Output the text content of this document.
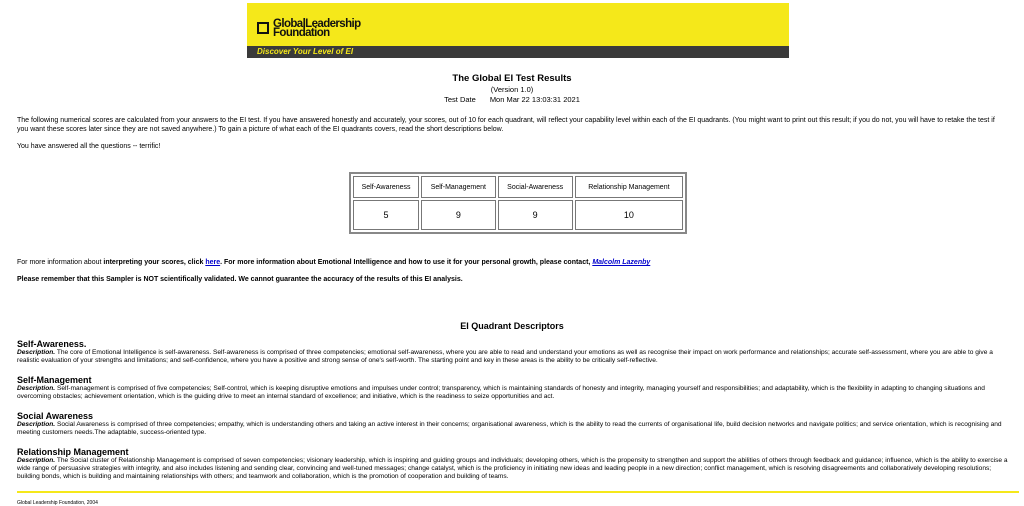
GlobalLeadership
Foundation
Discover Your Level of EI
The Global EI Test Results
(Version 1.0)
Test Date Mon Mar 22 13:03:31 2021
The following numerical scores are calculated from your answers to the EI test. If you have answered honestly and accurately, your scores, out of 10 for each quadrant, will reflect your capability level within each of the EI quadrants. (You might want to print out this result; if you do not, you will have to retake the test if you want these scores later since they are not saved anywhere.) To gain a picture of what each of the EI quadrants covers, read the short descriptions below.
You have answered all the questions -- terrific!
Self-Awareness	Self-Management	Social-Awareness	Relationship Management
5	9	9	10
For more information about interpreting your scores, click here. For more information about Emotional Intelligence and how to use it for your personal growth, please contact, Malcolm Lazenby
Please remember that this Sampler is NOT scientifically validated. We cannot guarantee the accuracy of the results of this EI analysis.
EI Quadrant Descriptors
Self-Awareness.
Description. The core of Emotional Intelligence is self-awareness. Self-awareness is comprised of three competencies; emotional self-awareness, where you are able to read and understand your emotions as well as recognise their impact on work performance and relationships; accurate self-assessment, where you are able to give a realistic evaluation of your strengths and limitations; and self-confidence, where you have a positive and strong sense of one's self-worth. The starting point and key in these areas is the ability to be critically self-reflective.
Self-Management
Description. Self-management is comprised of five competencies; Self-control, which is keeping disruptive emotions and impulses under control; transparency, which is maintaining standards of honesty and integrity, managing yourself and responsibilities; and adaptability, which is the flexibility in adapting to changing situations and overcoming obstacles; achievement orientation, which is the guiding drive to meet an internal standard of excellence; and initiative, which is the readiness to seize opportunities and act.
Social Awareness
Description. Social Awareness is comprised of three competencies; empathy, which is understanding others and taking an active interest in their concerns; organisational awareness, which is the ability to read the currents of organisational life, build decision networks and navigate politics; and service orientation, which is recognising and meeting customers needs.The adaptable, success-oriented type.
Relationship Management
Description. The Social cluster of Relationship Management is comprised of seven competencies; visionary leadership, which is inspiring and guiding groups and individuals; developing others, which is the propensity to strengthen and support the abilities of others through feedback and guidance; influence, which is the ability to exercise a wide range of persuasive strategies with integrity, and also includes listening and sending clear, convincing and well-tuned messages; change catalyst, which is the proficiency in initiating new ideas and leading people in a new direction; conflict management, which is resolving disagreements and collaboratively developing resolutions; building bonds, which is building and maintaining relationships with others; and teamwork and collaboration, which is the promotion of cooperation and building of teams.
Global Leadership Foundation, 2004
